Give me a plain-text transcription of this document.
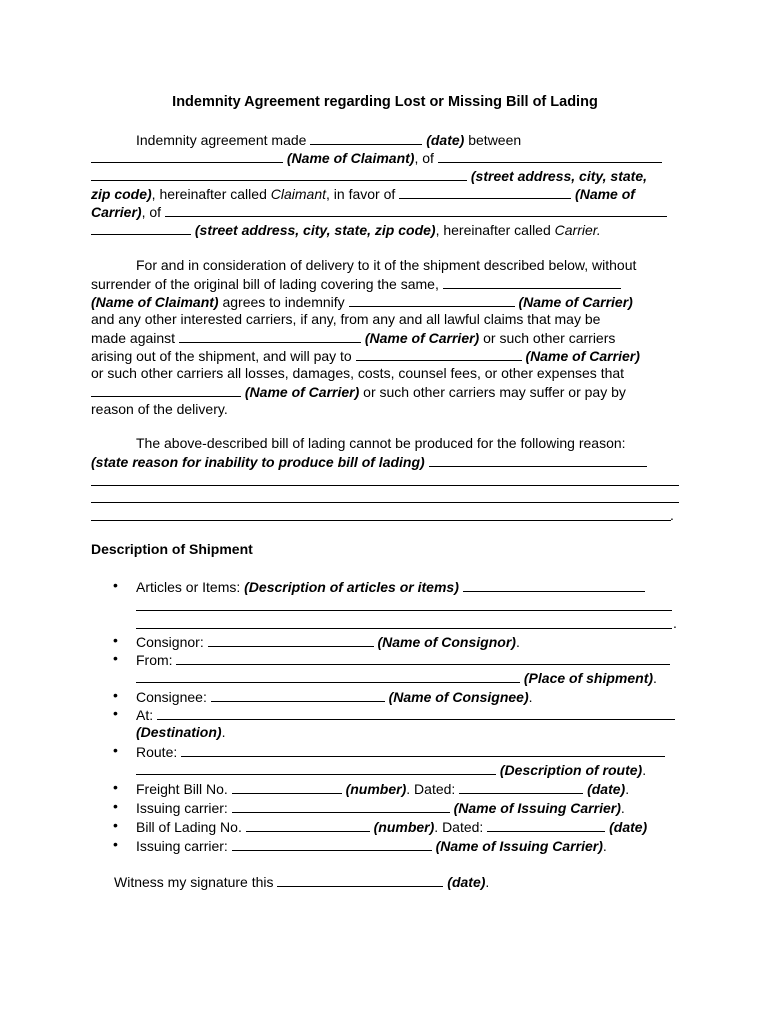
Indemnity Agreement regarding Lost or Missing Bill of Lading
Indemnity agreement made	(date) between
(Name of Claimant), of
(street address, city, state,
zip code), hereinafter called Claimant, in favor of	(Name of
Carrier), of
(street address, city, state, zip code), hereinafter called Carrier.
For and in consideration of delivery to it of the shipment described below, without
surrender of the original bill of lading covering the same,
(Name of Claimant) agrees to indemnify	(Name of Carrier)
and any other interested carriers, if any, from any and all lawful claims that may be
made against	(Name of Carrier) or such other carriers
arising out of the shipment, and will pay to	(Name of Carrier)
or such other carriers all losses, damages, costs, counsel fees, or other expenses that
(Name of Carrier) or such other carriers may suffer or pay by
reason of the delivery.
The above-described bill of lading cannot be produced for the following reason:
(state reason for inability to produce bill of lading)
.
Description of Shipment
• Articles or Items: (Description of articles or items)
.
• Consignor:	(Name of Consignor).
• From:
(Place of shipment).
• Consignee:	(Name of Consignee).
• At:
(Destination).
• Route:
(Description of route).
• Freight Bill No.	(number). Dated:	(date).
• Issuing carrier:	(Name of Issuing Carrier).
• Bill of Lading No.	(number). Dated:	(date)
• Issuing carrier:	(Name of Issuing Carrier).
Witness my signature this	(date).
